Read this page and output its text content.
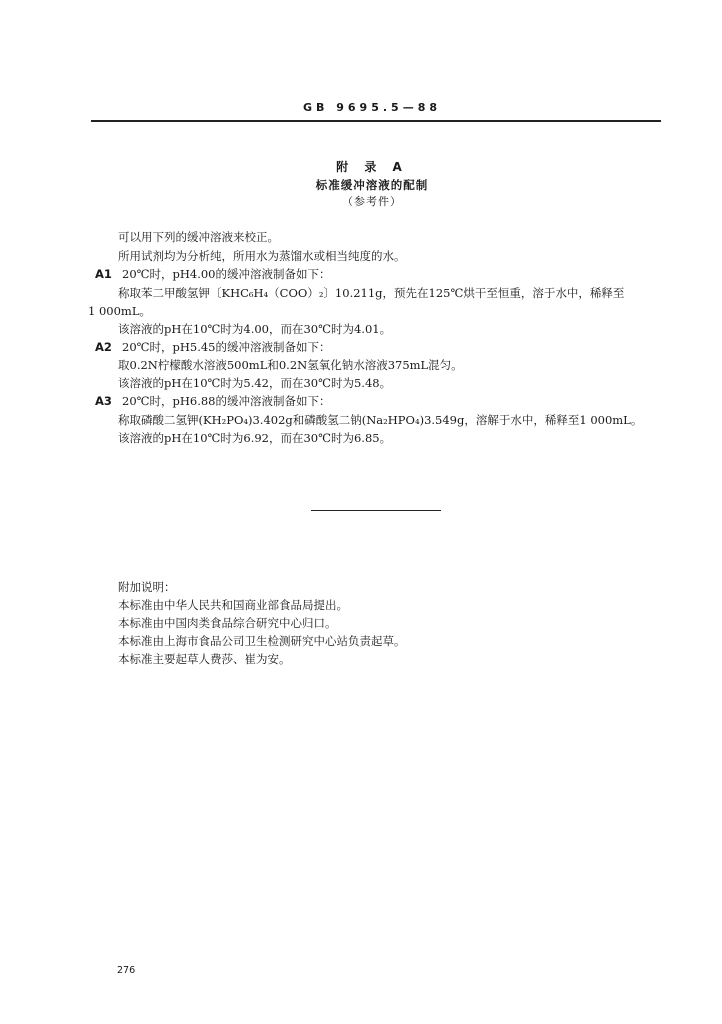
GB 9695.5—88
附 录 A
标准缓冲溶液的配制
（参考件）
可以用下列的缓冲溶液来校正。
所用试剂均为分析纯，所用水为蒸馏水或相当纯度的水。
A1 20℃时，pH4.00的缓冲溶液制备如下：
称取苯二甲酸氢钾〔KHC₆H₄（COO）₂〕10.211g，预先在125℃烘干至恒重，溶于水中，稀释至
1 000mL。
该溶液的pH在10℃时为4.00，而在30℃时为4.01。
A2 20℃时，pH5.45的缓冲溶液制备如下：
取0.2N柠檬酸水溶液500mL和0.2N氢氧化钠水溶液375mL混匀。
该溶液的pH在10℃时为5.42，而在30℃时为5.48。
A3 20℃时，pH6.88的缓冲溶液制备如下：
称取磷酸二氢钾(KH₂PO₄)3.402g和磷酸氢二钠(Na₂HPO₄)3.549g，溶解于水中，稀释至1 000mL。
该溶液的pH在10℃时为6.92，而在30℃时为6.85。
附加说明：
本标准由中华人民共和国商业部食品局提出。
本标准由中国肉类食品综合研究中心归口。
本标准由上海市食品公司卫生检测研究中心站负责起草。
本标准主要起草人费莎、崔为安。
276
